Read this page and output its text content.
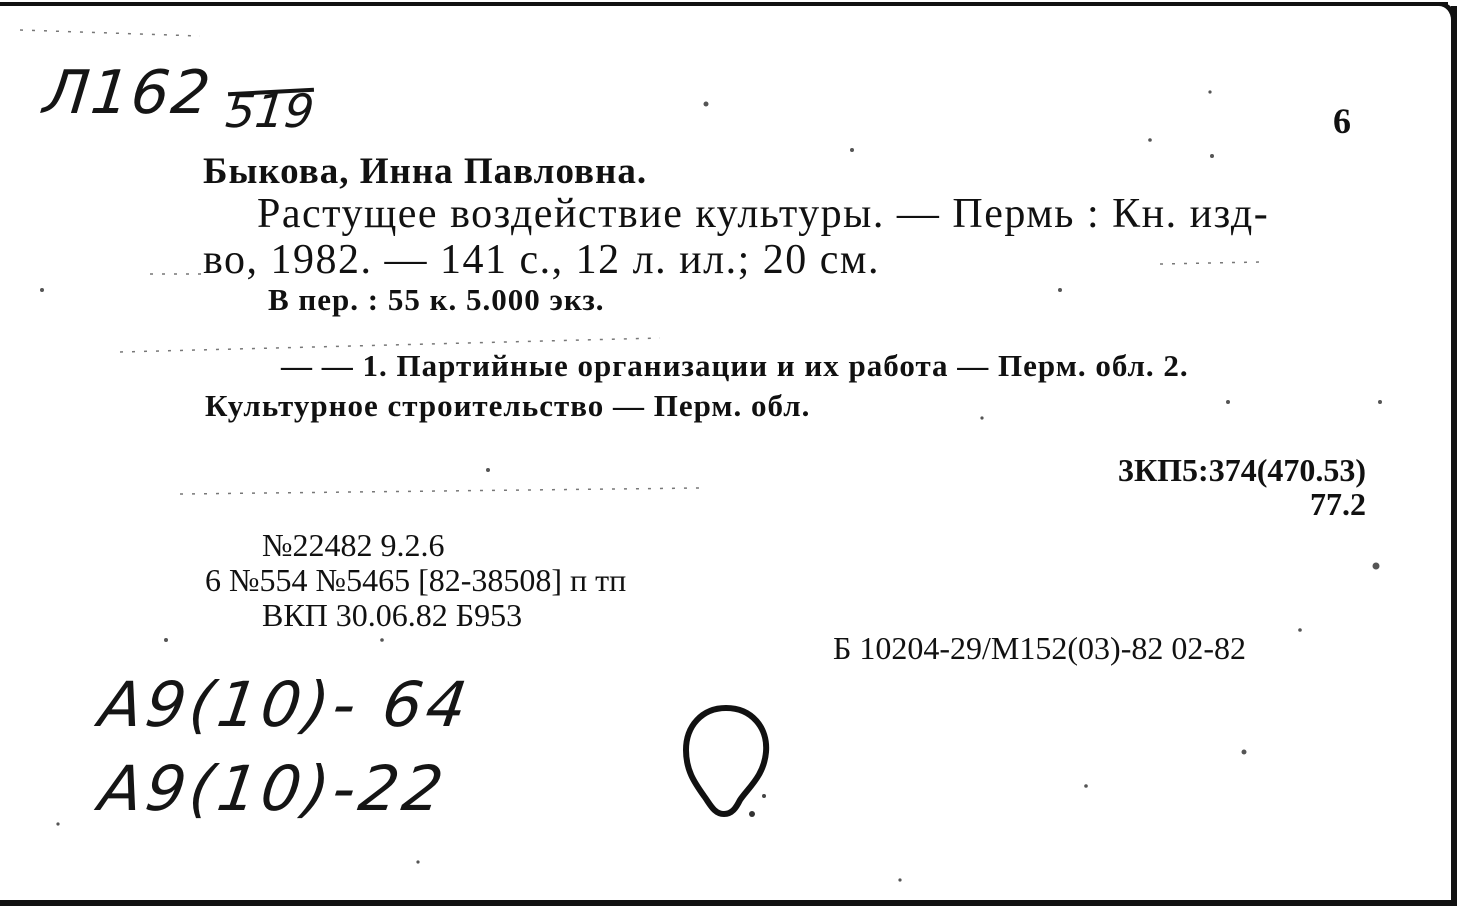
Л162 519	6
Быкова, Инна Павловна.
Растущее воздействие культуры. — Пермь : Кн. изд-
во, 1982. — 141 с., 12 л. ил.; 20 см.
В пер. : 55 к. 5.000 экз.
— — 1. Партийные организации и их работа — Перм. обл. 2.
Культурное строительство — Перм. обл.
3КП5:374(470.53)
77.2
№22482 9.2.6
6 №554 №5465 [82-38508] п тп
ВКП 30.06.82 Б953
Б 10204-29/М152(03)-82 02-82
А9(10)- 64
А9(10)-22
